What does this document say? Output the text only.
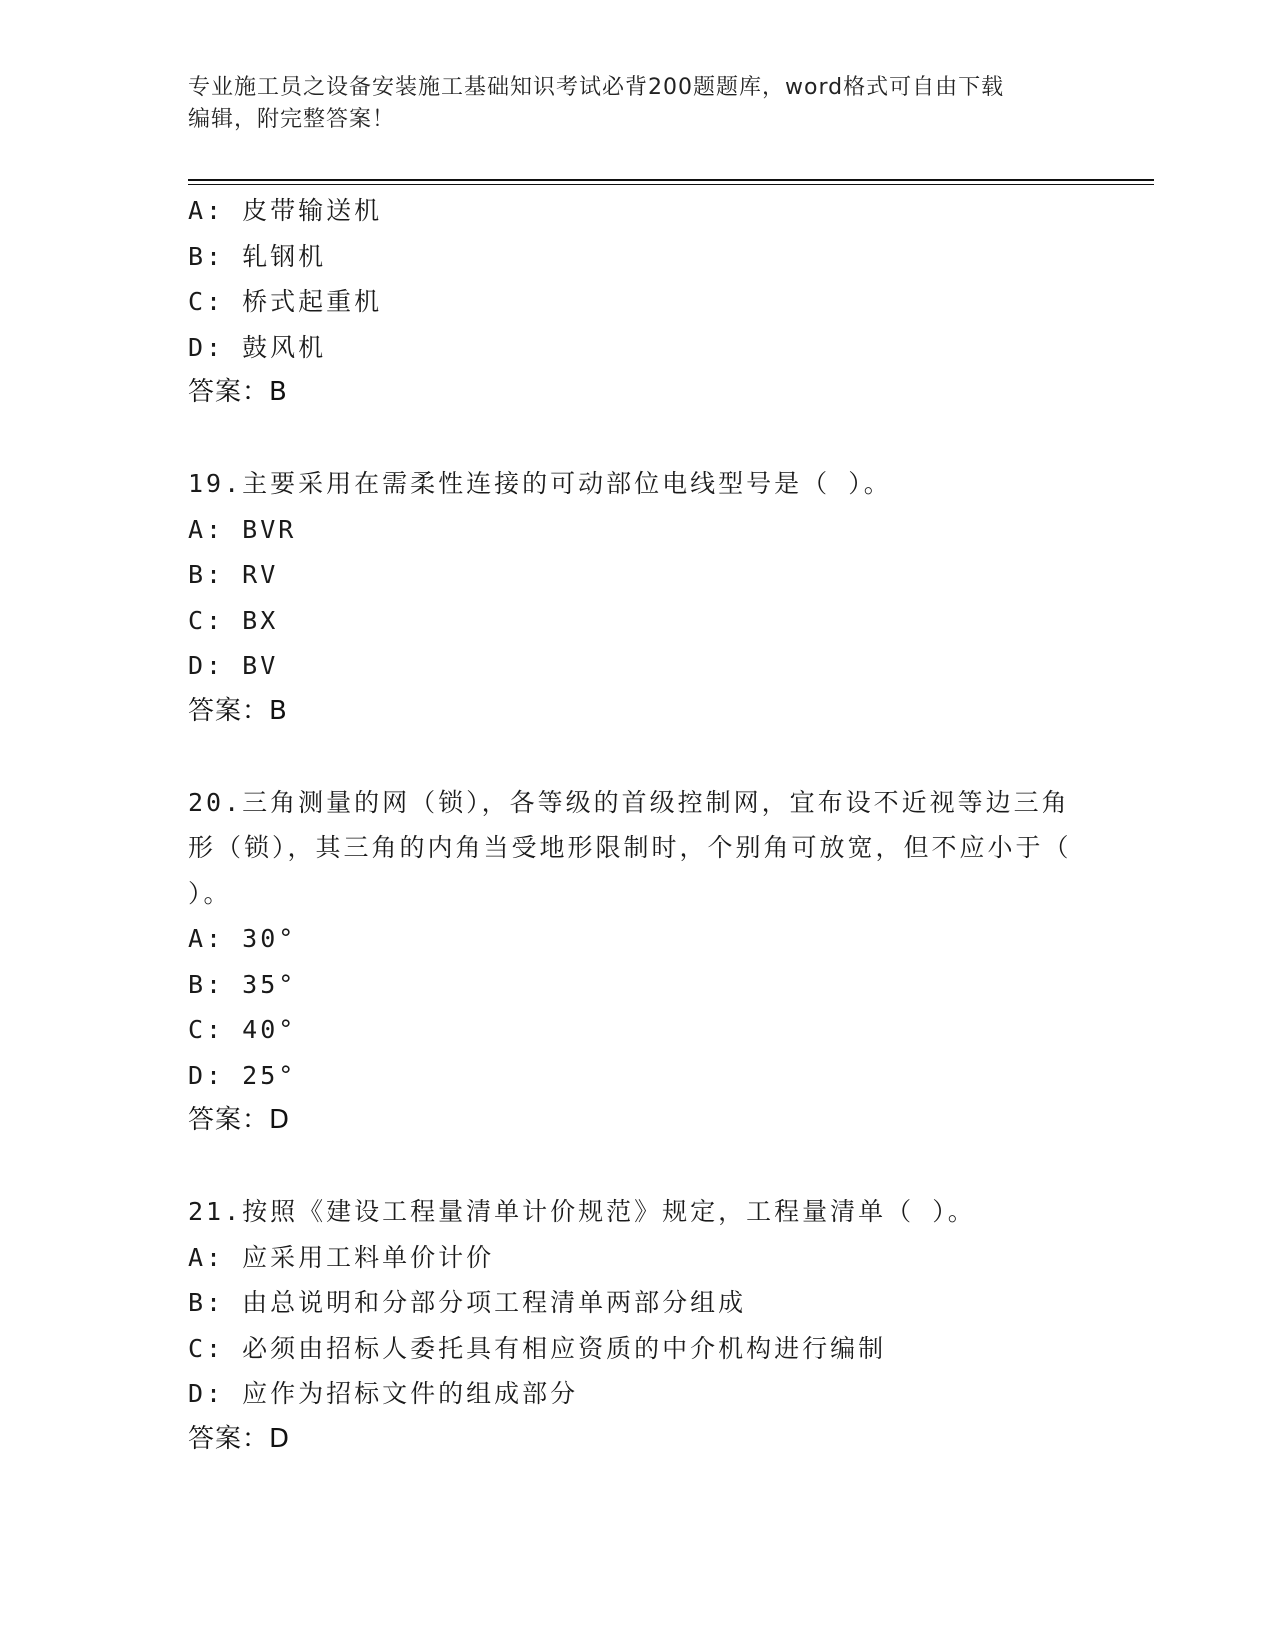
专业施工员之设备安装施工基础知识考试必背200题题库，word格式可自由下载
编辑，附完整答案！
A: 皮带输送机
B: 轧钢机
C: 桥式起重机
D: 鼓风机
答案：B
19.主要采用在需柔性连接的可动部位电线型号是（ ）。
A: BVR
B: RV
C: BX
D: BV
答案：B
20.三角测量的网（锁），各等级的首级控制网，宜布设不近视等边三角形（锁），其三角的内角当受地形限制时，个别角可放宽，但不应小于（ ）。
A: 30°
B: 35°
C: 40°
D: 25°
答案：D
21.按照《建设工程量清单计价规范》规定，工程量清单（ ）。
A: 应采用工料单价计价
B: 由总说明和分部分项工程清单两部分组成
C: 必须由招标人委托具有相应资质的中介机构进行编制
D: 应作为招标文件的组成部分
答案：D
